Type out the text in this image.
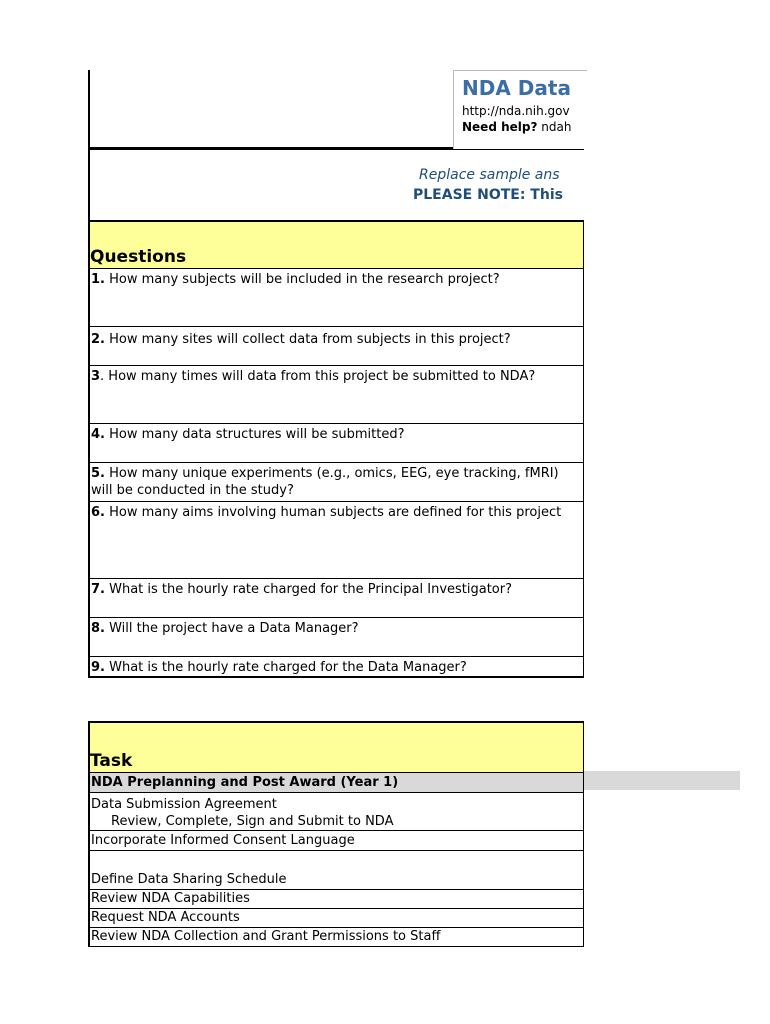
NDA Data
http://nda.nih.gov
Need help? ndah
Replace sample ans
PLEASE NOTE: This
Questions
1. How many subjects will be included in the research project?
2. How many sites will collect data from subjects in this project?
3. How many times will data from this project be submitted to NDA?
4. How many data structures will be submitted?
5. How many unique experiments (e.g., omics, EEG, eye tracking, fMRI) will be conducted in the study?
6. How many aims involving human subjects are defined for this project
7. What is the hourly rate charged for the Principal Investigator?
8. Will the project have a Data Manager?
9. What is the hourly rate charged for the Data Manager?
Task
NDA Preplanning and Post Award (Year 1)
Data Submission Agreement
Review, Complete, Sign and Submit to NDA
Incorporate Informed Consent Language
Define Data Sharing Schedule
Review NDA Capabilities
Request NDA Accounts
Review NDA Collection and Grant Permissions to Staff
